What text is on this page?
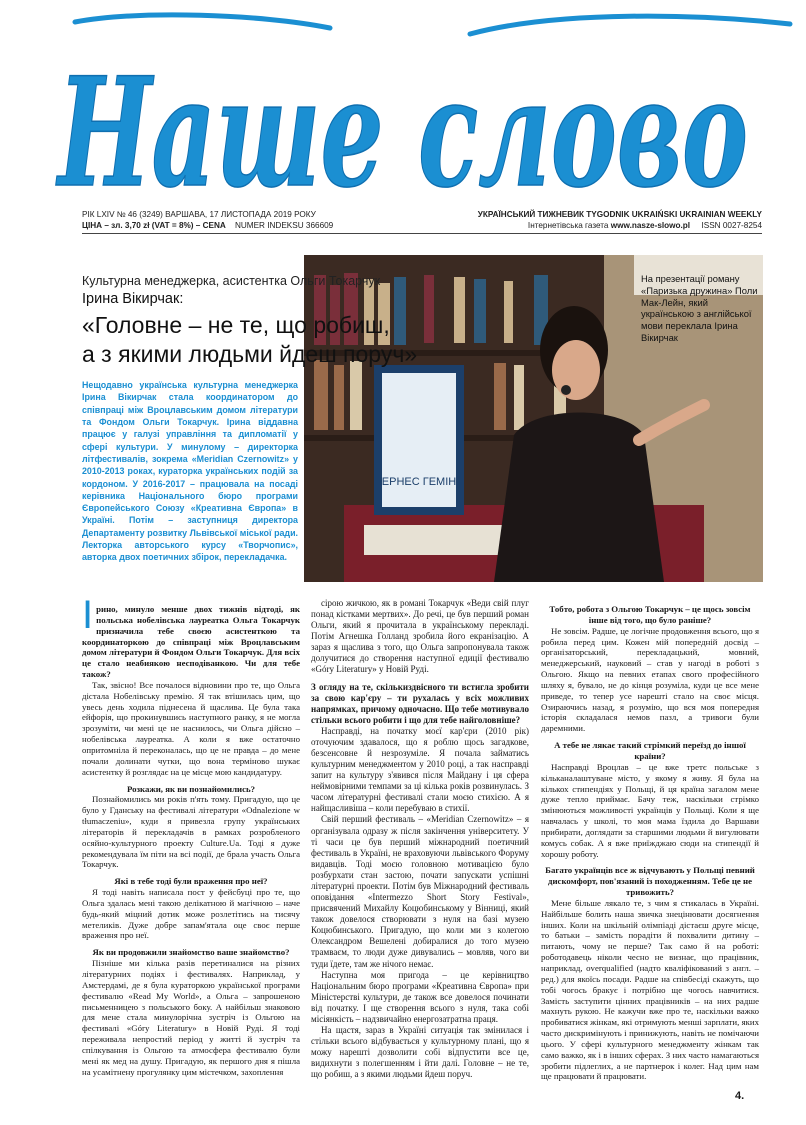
Наше слово
РІК LXIV № 46 (3249) ВАРШАВА, 17 ЛИСТОПАДА 2019 РОКУ
ЦІНА – зл. 3,70 zł (VAT = 8%) – CENA NUMER INDEKSU 366609
УКРАЇНСЬКИЙ ТИЖНЕВИК TYGODNIK UKRAIŃSKI UKRAINIAN WEEKLY
Інтернетівська газета www.nasze-slowo.pl ISSN 0027-8254
ЕРНЕС ГЕМІН
Культурна менеджерка, асистентка Ольги Токарчук
Ірина Вікирчак:
«Головне – не те, що робиш,
а з якими людьми йдеш поруч»

Нещодавно українська культурна менеджерка Ірина Вікирчак стала координатором до співпраці між Вроцлавським домом літератури та Фондом Ольги Токарчук. Ірина віддавна працює у галузі управління та дипломатії у сфері культури. У минулому – директорка літфестивалів, зокрема «Meridian Czernowitz» у 2010-2013 роках, кураторка українських подій за кордоном. У 2016-2017 – працювала на посаді керівника Національного бюро програми Європейського Союзу «Креативна Європа» в Україні. Потім – заступниця директора Департаменту розвитку Львівської міської ради. Лекторка авторського курсу «Творчопис», авторка двох поетичних збірок, перекладачка.

На презентації роману «Паризька дружина» Поли Мак-Лейн, який українською з англійської мови переклала Ірина Вікирчак

І рино, минуло менше двох тижнів відтоді, як польська нобелівська лауреатка Ольга Токарчук призначила тебе своєю асистенткою та координаторкою до співпраці між Вроцлавським домом літератури й Фондом Ольги Токарчук. Для всіх це стало неабиякою несподіванкою. Чи для тебе також?

Так, звісно! Все почалося відновини про те, що Ольга дістала Нобелівську премію. Я так втішилась цим, що увесь день ходила піднесена й щаслива. Це була така ейфорія, що прокинувшись наступного ранку, я не могла зрозуміти, чи мені це не наснилось, чи Ольга дійсно – нобелівська лауреатка. А коли я вже остаточно опритомніла й переконалась, що це не правда – до мене почали долинати чутки, що вона терміново шукає асистентку й розглядає на це місце мою кандидатуру.

Розкажи, як ви познайомились?

Познайомились ми років п'ять тому. Пригадую, що це було у Гданську на фестивалі літератури «Odnalezione w tłumaczeniu», куди я привезла групу українських літераторів й перекладачів в рамках розробленого осяйно-культурного проекту Culture.Ua. Тоді я дуже рекомендувала їм піти на всі події, де брала участь Ольга Токарчук.

Які в тебе тоді були враження про неї?

Я тоді навіть написала пост у фейсбуці про те, що Ольга здалась мені такою делікатною й магічною – наче будь-який міцний дотик може розлетітись на тисячу метеликів. Дуже добре запам'ятала оце своє перше враження про неї.

Як ви продовжили знайомство ваше знайомство?

Пізніше ми кілька разів перетиналися на різних літературних подіях і фестивалях. Наприклад, у Амстердамі, де я була кураторкою української програми фестивалю «Read My World», а Ольга – запрошеною письменницею з польського боку. А найбільш знаковою для мене стала минулорічна зустріч із Ольгою на фестивалі «Góry Literatury» в Новій Руді. Я тоді переживала непростий період у житті й зустріч та спілкування із Ольгою та атмосфера фестивалю були мені як мед на душу. Пригадую, як першого дня я пішла на усамітнену прогулянку цим містечком, захоплення

сірою жичкою, як в романі Токарчук «Веди свій плуг понад кістками мертвих». До речі, це був перший роман Ольги, який я прочитала в українському перекладі. Потім Агнешка Голланд зробила його екранізацію. А зараз я щаслива з того, що Ольга запропонувала також долучитися до створення наступної едиції фестивалю «Góry Literatury» у Новій Руді.

З огляду на те, скількиздвісного ти встигла зробити за свою кар'єру – ти рухалась у всіх можливих напрямках, причому одночасно. Що тебе мотивувало стільки всього робити і що для тебе найголовніше?

Насправді, на початку моєї кар'єри (2010 рік) оточуючим здавалося, що я роблю щось загадкове, безсенсовне й незрозуміле. Я почала займатись культурним менеджментом у 2010 році, а так насправді запит на культуру з'явився після Майдану і ця сфера неймовірними темпами за ці кілька років розвинулась. З часом літературні фестивалі стали моєю стихією. А я найщасливіша – коли перебуваю в стихії.

Свій перший фестиваль – «Meridian Czernowitz» – я організувала одразу ж після закінчення університету. У ті часи це був перший міжнародний поетичний фестиваль в Україні, не враховуючи львівського Форуму видавців. Тоді моєю головною мотивацією було розбурхати стан застою, почати запускати успішні літературні проекти. Потім був Міжнародний фестиваль оповідання «Intermezzo Short Story Festival», присвячений Михайлу Коцюбинському у Вінниці, який також довелося створювати з нуля на базі музею Коцюбинського. Пригадую, що коли ми з колегою Олександром Вешелені добиралися до того музею трамваєм, то люди дуже дивувались – мовляв, чого ви туди їдете, там же нічого немає.

Наступна моя пригода – це керівництво Національним бюро програми «Креативна Європа» при Міністерстві культури, де також все довелося починати від початку. І ще створення всього з нуля, така собі місіянкість – надзвичайно енергозатратна праця.

На щастя, зараз в Україні ситуація так змінилася і стільки всього відбувається у культурному плані, що я можу нарешті дозволити собі відпустити все це, видихнути з полегшенням і йти далі. Головне – не те, що робиш, а з якими людьми йдеш поруч.

Тобто, робота з Ольгою Токарчук – це щось зовсім інше від того, що було раніше?

Не зовсім. Радше, це логічне продовження всього, що я робила перед цим. Кожен мій попередній досвід – організаторський, перекладацький, мовний, менеджерський, науковий – став у нагоді в роботі з Ольгою. Якщо на певних етапах свого професійного шляху я, бувало, не до кінця розуміла, куди це все мене приведе, то тепер усе нарешті стало на своє місця. Озираючись назад, я розумію, що вся моя попередня історія складалася немов пазл, а тривоги були даремними.

А тебе не лякає такий стрімкий переїзд до іншої країни?

Насправді Вроцлав – це вже третє польське з кільканалаштуване місто, у якому я живу. Я була на кількох стипендіях у Польщі, й ця країна загалом мене дуже тепло приймає. Бачу теж, наскільки стрімко змінюються можливості українців у Польщі. Коли я ще навчалась у школі, то моя мама їздила до Варшави прибирати, доглядати за старшими людьми й вигулювати комусь собак. А я вже приїжджаю сюди на стипендії й хорошу роботу.

Багато українців все ж відчувають у Польщі певний дискомфорт, пов'язаний із походженням. Тебе це не тривожить?

Мене більше лякало те, з чим я стикалась в Україні. Найбільше болить наша звичка знецінювати досягнення інших. Коли на шкільній олімпіаді дістаєш друге місце, то батьки – замість порадіти й похвалити дитину – питають, чому не перше? Так само й на роботі: роботодавець ніколи чесно не визнає, що працівник, наприклад, overqualified (надто кваліфікований з англ. – ред.) для якоїсь посади. Радше на співбесіді скажуть, що тобі чогось бракує і потрібно ще чогось навчитися. Замість заступити цінних працівників – на них радше махнуть рукою. Не кажучи вже про те, наскільки важко пробиватися жінкам, які отримують менші зарплати, яких часто дискримінують і принижують, навіть не помічаючи цього. У сфері культурного менеджменту жінкам так само важко, як і в інших сферах. З них часто намагаються зробити підлеглих, а не партнерок і колег. Над цим нам ще працювати й працювати.

4.
